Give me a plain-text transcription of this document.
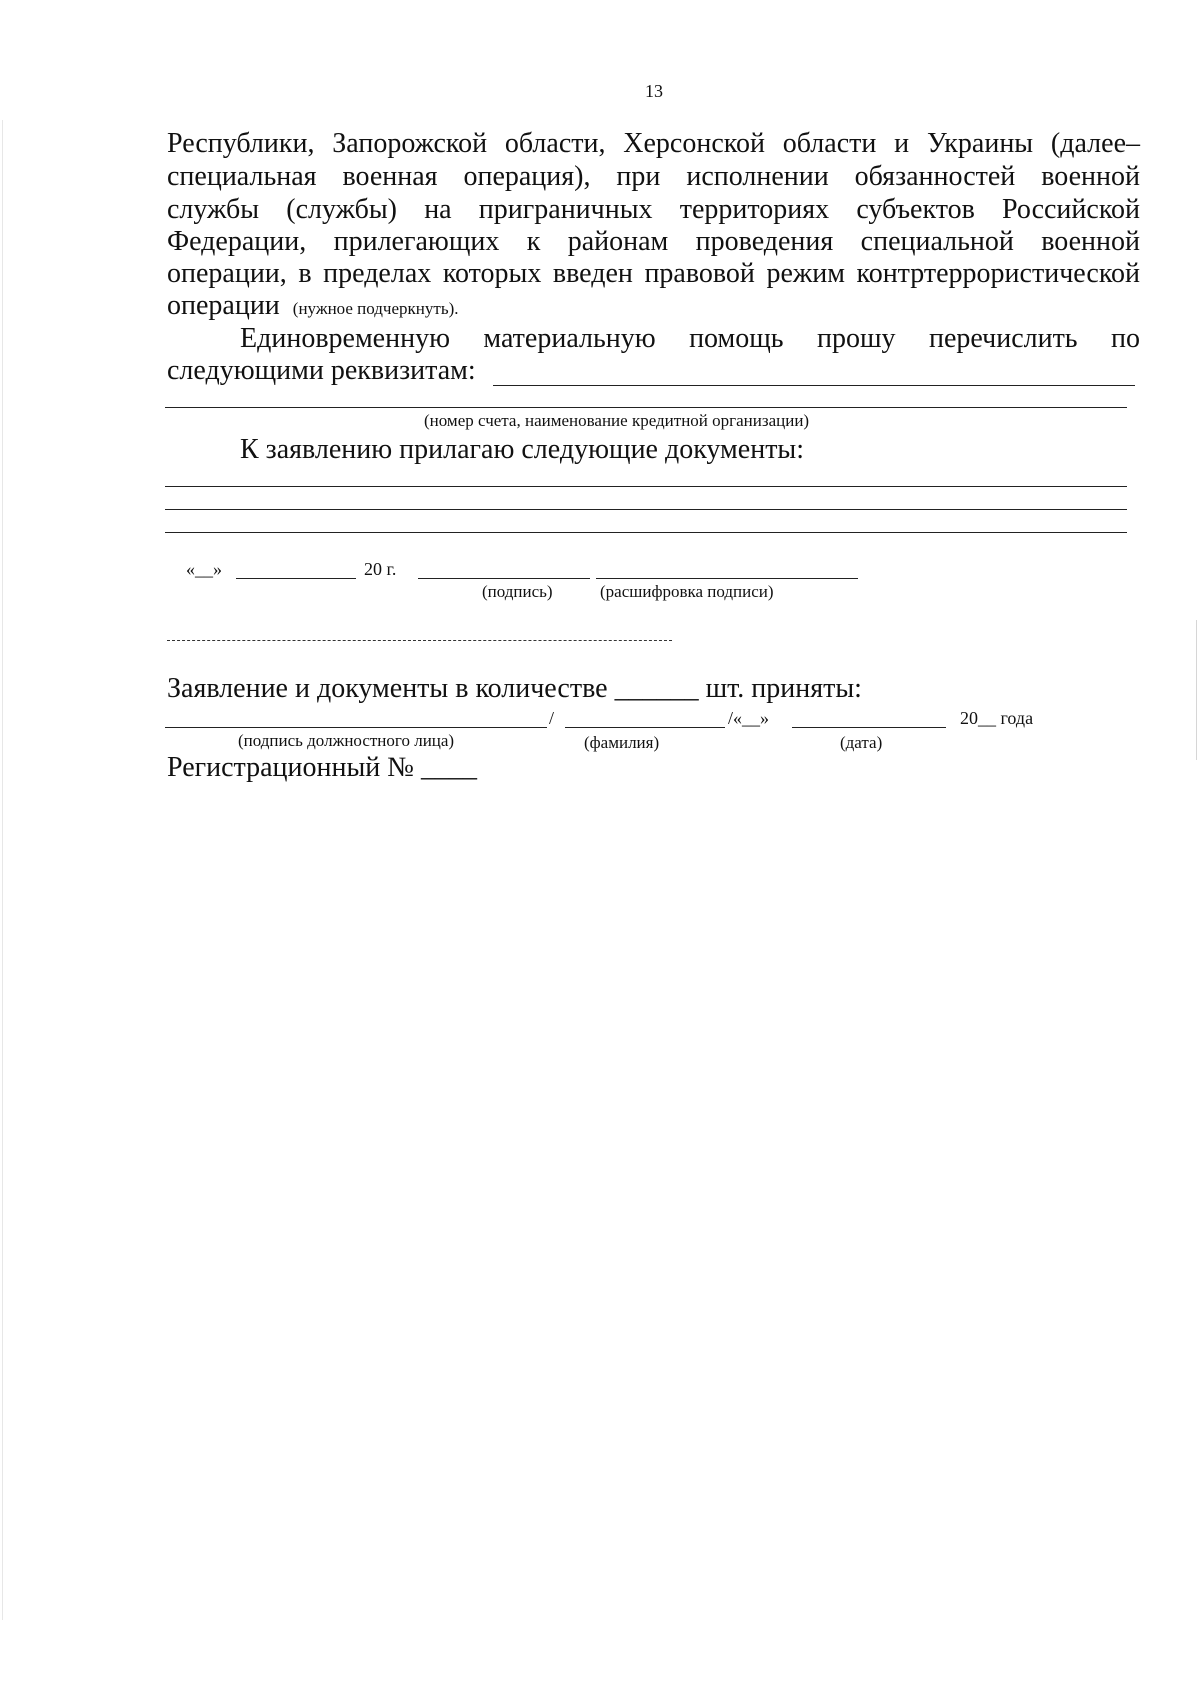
13
Республики, Запорожской области, Херсонской области и Украины (далее–
специальная военная операция), при исполнении обязанностей военной
службы (службы) на приграничных территориях субъектов Российской
Федерации, прилегающих к районам проведения специальной военной
операции, в пределах которых введен правовой режим контртеррористической
операции (нужное подчеркнуть).
Единовременную материальную помощь прошу перечислить по
следующими реквизитам:
(номер счета, наименование кредитной организации)
К заявлению прилагаю следующие документы:
«__»	20 г.
(подпись)	(расшифровка подписи)
Заявление и документы в количестве ______ шт. приняты:
/	/«__»	20__ года
(подпись должностного лица)	(фамилия)	(дата)
Регистрационный № ____
